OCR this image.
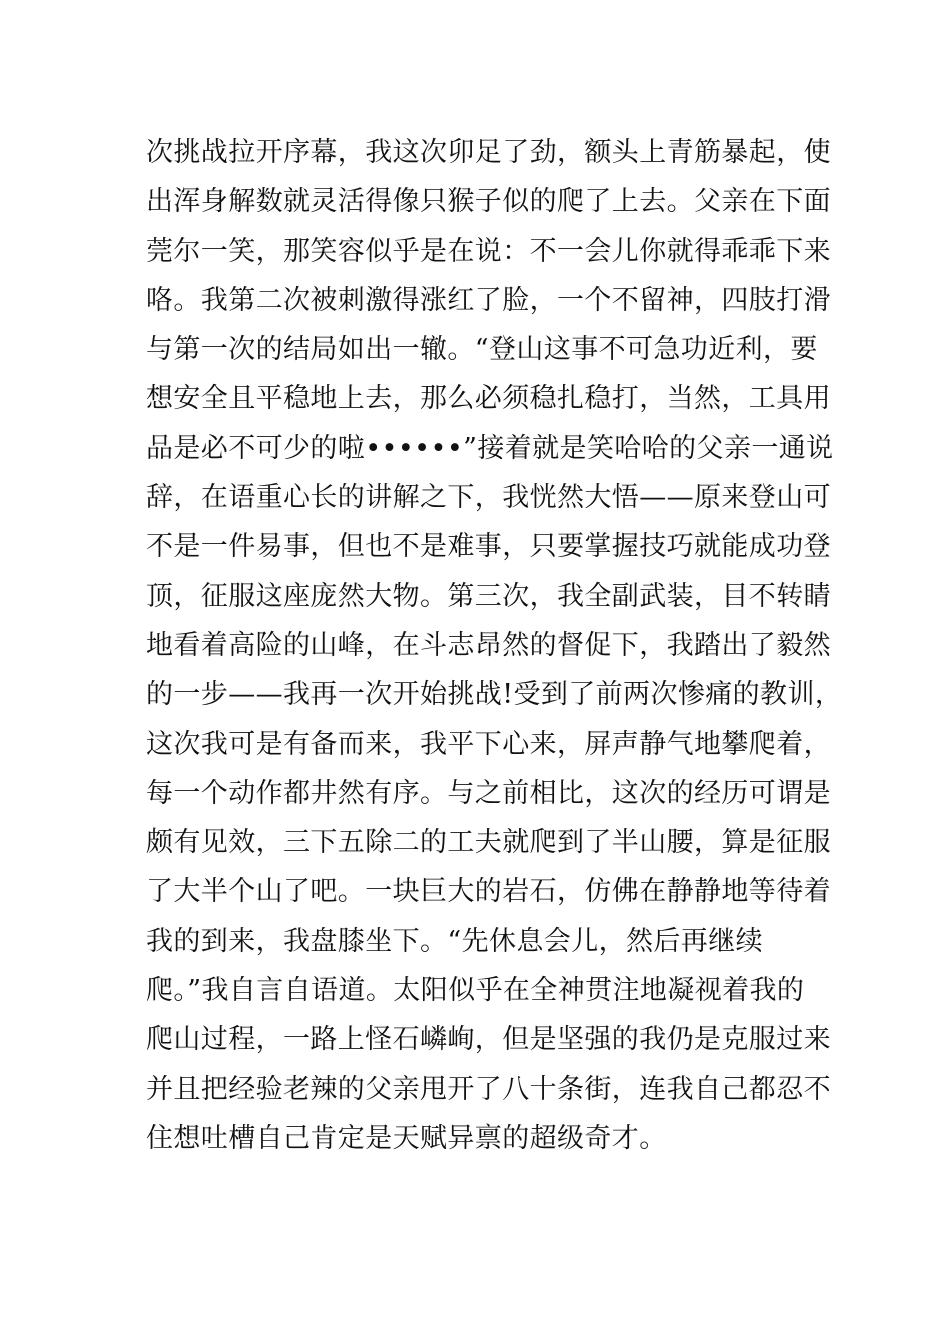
次挑战拉开序幕，我这次卯足了劲，额头上青筋暴起，使
出浑身解数就灵活得像只猴子似的爬了上去。父亲在下面
莞尔一笑，那笑容似乎是在说：不一会儿你就得乖乖下来
咯。我第二次被刺激得涨红了脸，一个不留神，四肢打滑
与第一次的结局如出一辙。“登山这事不可急功近利，要
想安全且平稳地上去，那么必须稳扎稳打，当然，工具用
品是必不可少的啦••••••”接着就是笑哈哈的父亲一通说
辞，在语重心长的讲解之下，我恍然大悟——原来登山可
不是一件易事，但也不是难事，只要掌握技巧就能成功登
顶，征服这座庞然大物。第三次，我全副武装，目不转睛
地看着高险的山峰，在斗志昂然的督促下，我踏出了毅然
的一步——我再一次开始挑战!受到了前两次惨痛的教训，
这次我可是有备而来，我平下心来，屏声静气地攀爬着，
每一个动作都井然有序。与之前相比，这次的经历可谓是
颇有见效，三下五除二的工夫就爬到了半山腰，算是征服
了大半个山了吧。一块巨大的岩石，仿佛在静静地等待着
我的到来，我盘膝坐下。“先休息会儿，然后再继续
爬。”我自言自语道。太阳似乎在全神贯注地凝视着我的
爬山过程，一路上怪石嶙峋，但是坚强的我仍是克服过来
并且把经验老辣的父亲甩开了八十条街，连我自己都忍不
住想吐槽自己肯定是天赋异禀的超级奇才。
